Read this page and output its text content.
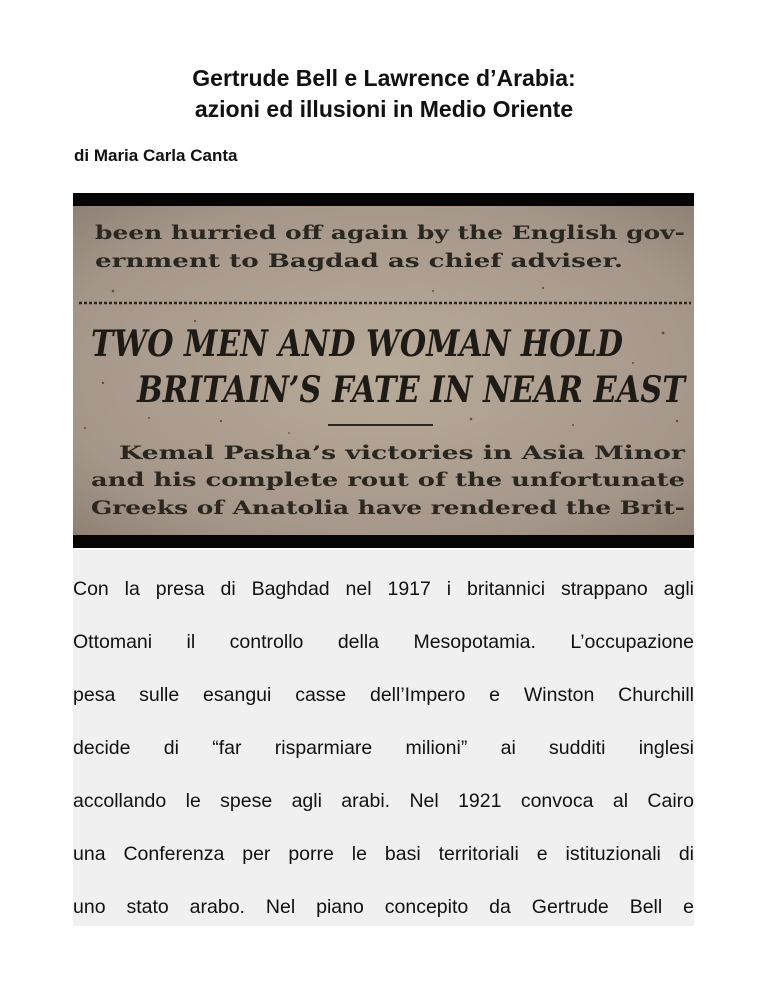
Gertrude Bell e Lawrence d’Arabia:
azioni ed illusioni in Medio Oriente

di Maria Carla Canta

been hurried off again by the English gov-
ernment to Bagdad as chief adviser.
TWO MEN AND WOMAN HOLD
BRITAIN’S FATE IN NEAR EAST
Kemal Pasha’s victories in Asia Minor
and his complete rout of the unfortunate
Greeks of Anatolia have rendered the Brit-
Con la presa di Baghdad nel 1917 i britannici strappano agli
Ottomani il controllo della Mesopotamia. L’occupazione
pesa sulle esangui casse dell’Impero e Winston Churchill
decide di “far risparmiare milioni” ai sudditi inglesi
accollando le spese agli arabi. Nel 1921 convoca al Cairo
una Conferenza per porre le basi territoriali e istituzionali di
uno stato arabo. Nel piano concepito da Gertrude Bell e
